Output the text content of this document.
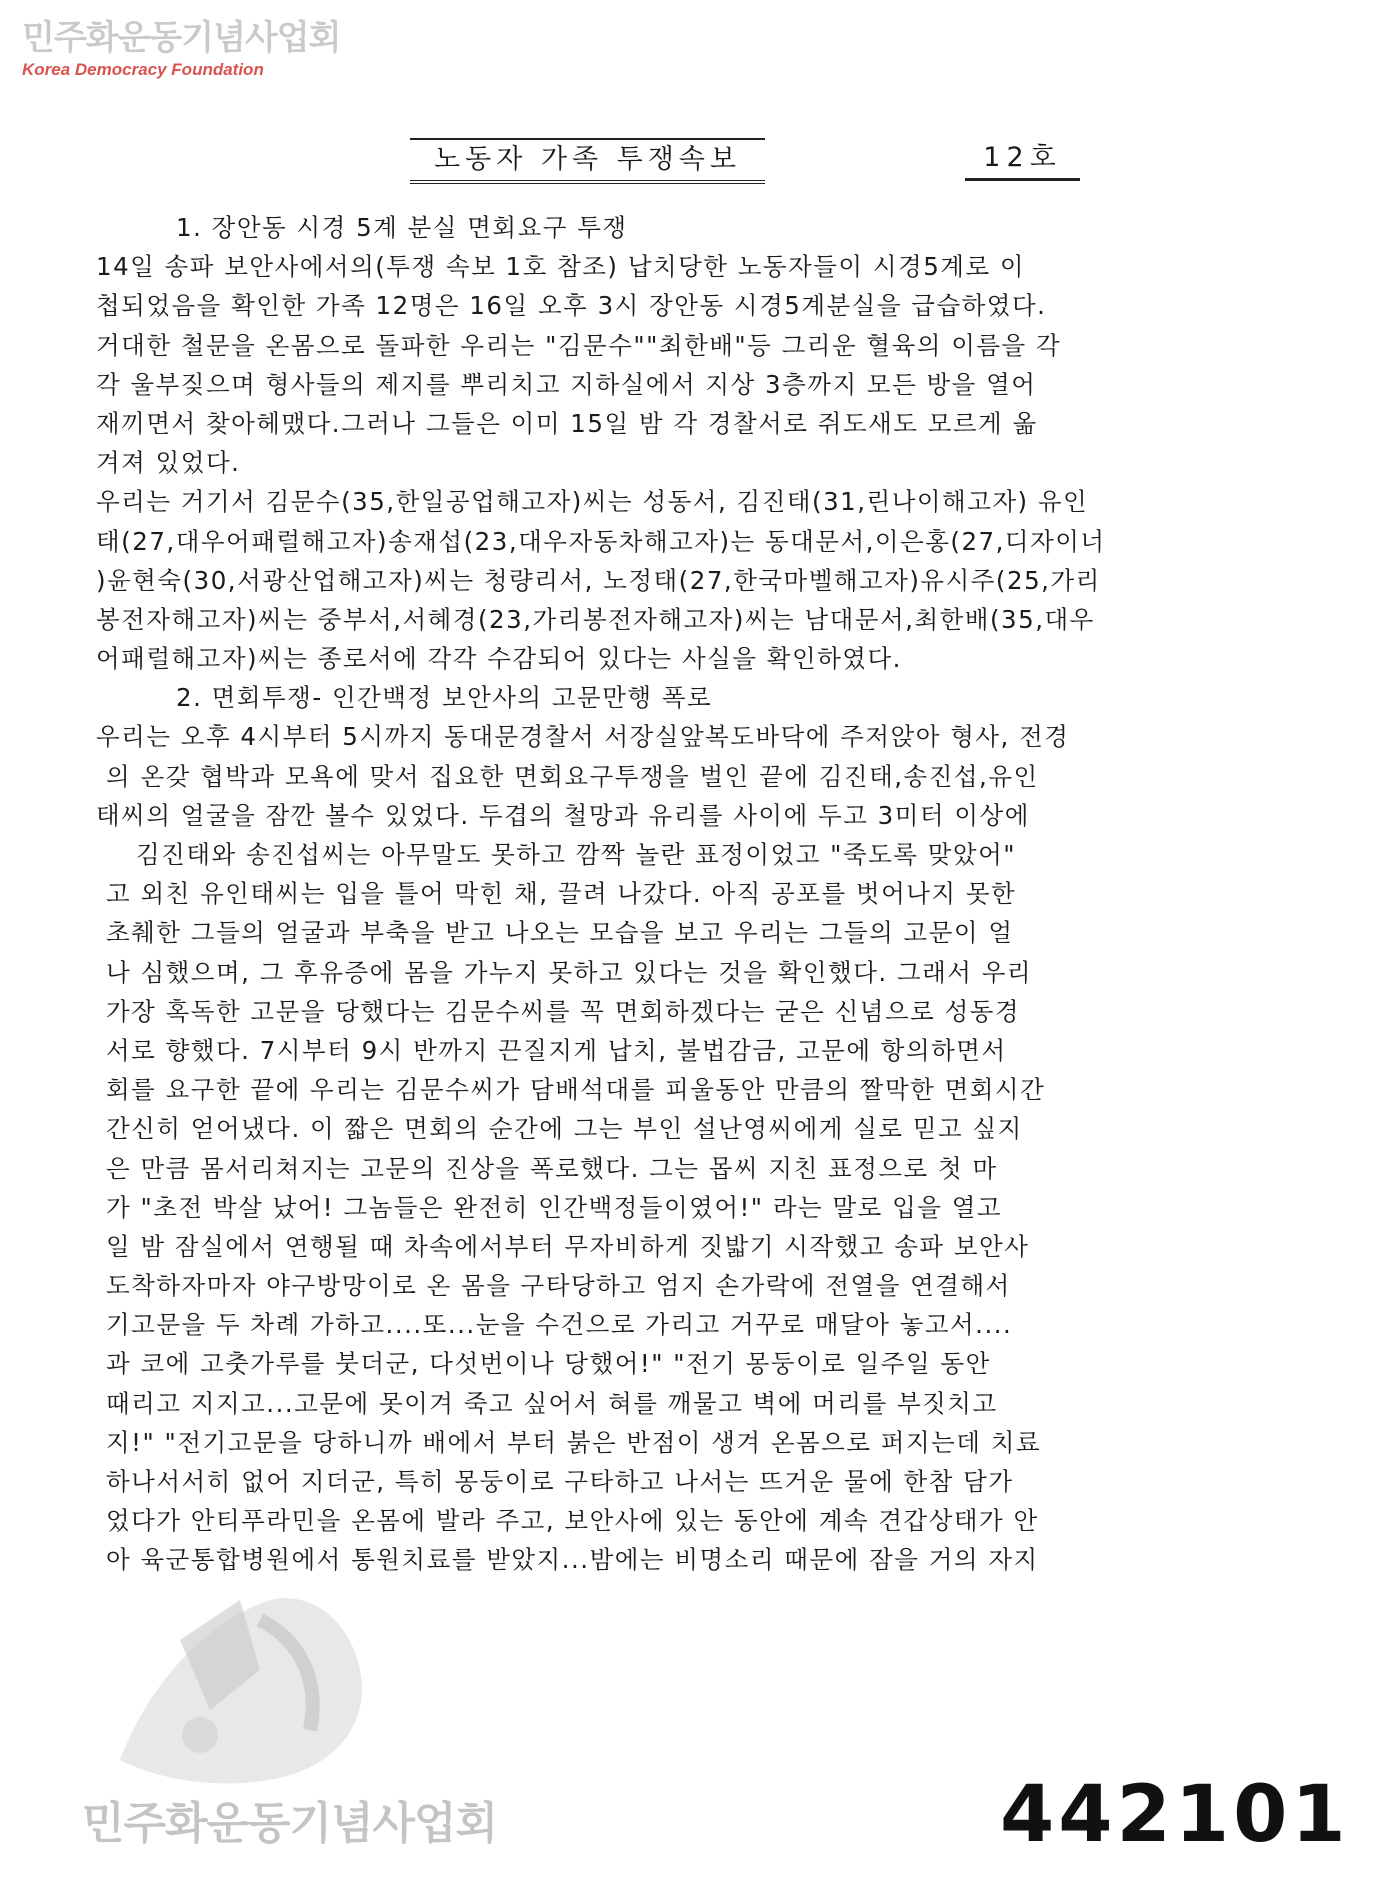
민주화운동기념사업회
Korea Democracy Foundation
노동자 가족 투쟁속보	12호
1. 장안동 시경 5계 분실 면회요구 투쟁
14일 송파 보안사에서의(투쟁 속보 1호 참조) 납치당한 노동자들이 시경5계로 이
첩되었음을 확인한 가족 12명은 16일 오후 3시 장안동 시경5계분실을 급습하였다.
거대한 철문을 온몸으로 돌파한 우리는 "김문수""최한배"등 그리운 혈육의 이름을 각
각 울부짖으며 형사들의 제지를 뿌리치고 지하실에서 지상 3층까지 모든 방을 열어
재끼면서 찾아헤맸다.그러나 그들은 이미 15일 밤 각 경찰서로 쥐도새도 모르게 옮
겨져 있었다.
우리는 거기서 김문수(35,한일공업해고자)씨는 성동서, 김진태(31,린나이해고자) 유인
태(27,대우어패럴해고자)송재섭(23,대우자동차해고자)는 동대문서,이은홍(27,디자이너
)윤현숙(30,서광산업해고자)씨는 청량리서, 노정태(27,한국마벨해고자)유시주(25,가리
봉전자해고자)씨는 중부서,서혜경(23,가리봉전자해고자)씨는 남대문서,최한배(35,대우
어패럴해고자)씨는 종로서에 각각 수감되어 있다는 사실을 확인하였다.
2. 면회투쟁- 인간백정 보안사의 고문만행 폭로
우리는 오후 4시부터 5시까지 동대문경찰서 서장실앞복도바닥에 주저앉아 형사, 전경
의 온갖 협박과 모욕에 맞서 집요한 면회요구투쟁을 벌인 끝에 김진태,송진섭,유인
태씨의 얼굴을 잠깐 볼수 있었다. 두겹의 철망과 유리를 사이에 두고 3미터 이상에
김진태와 송진섭씨는 아무말도 못하고 깜짝 놀란 표정이었고 "죽도록 맞았어"
고 외친 유인태씨는 입을 틀어 막힌 채, 끌려 나갔다. 아직 공포를 벗어나지 못한
초췌한 그들의 얼굴과 부축을 받고 나오는 모습을 보고 우리는 그들의 고문이 얼
나 심했으며, 그 후유증에 몸을 가누지 못하고 있다는 것을 확인했다. 그래서 우리
가장 혹독한 고문을 당했다는 김문수씨를 꼭 면회하겠다는 굳은 신념으로 성동경
서로 향했다. 7시부터 9시 반까지 끈질지게 납치, 불법감금, 고문에 항의하면서
회를 요구한 끝에 우리는 김문수씨가 담배석대를 피울동안 만큼의 짤막한 면회시간
간신히 얻어냈다. 이 짧은 면회의 순간에 그는 부인 설난영씨에게 실로 믿고 싶지
은 만큼 몸서리쳐지는 고문의 진상을 폭로했다. 그는 몹씨 지친 표정으로 첫 마
가 "초전 박살 났어! 그놈들은 완전히 인간백정들이였어!" 라는 말로 입을 열고
일 밤 잠실에서 연행될 때 차속에서부터 무자비하게 짓밟기 시작했고 송파 보안사
도착하자마자 야구방망이로 온 몸을 구타당하고 엄지 손가락에 전열을 연결해서
기고문을 두 차례 가하고....또...눈을 수건으로 가리고 거꾸로 매달아 놓고서....
과 코에 고춧가루를 붓더군, 다섯번이나 당했어!" "전기 몽둥이로 일주일 동안
때리고 지지고...고문에 못이겨 죽고 싶어서 혀를 깨물고 벽에 머리를 부짓치고
지!" "전기고문을 당하니까 배에서 부터 붉은 반점이 생겨 온몸으로 퍼지는데 치료
하나서서히 없어 지더군, 특히 몽둥이로 구타하고 나서는 뜨거운 물에 한참 담가
었다가 안티푸라민을 온몸에 발라 주고, 보안사에 있는 동안에 계속 견갑상태가 안
아 육군통합병원에서 통원치료를 받았지...밤에는 비명소리 때문에 잠을 거의 자지
민주화운동기념사업회	442101
